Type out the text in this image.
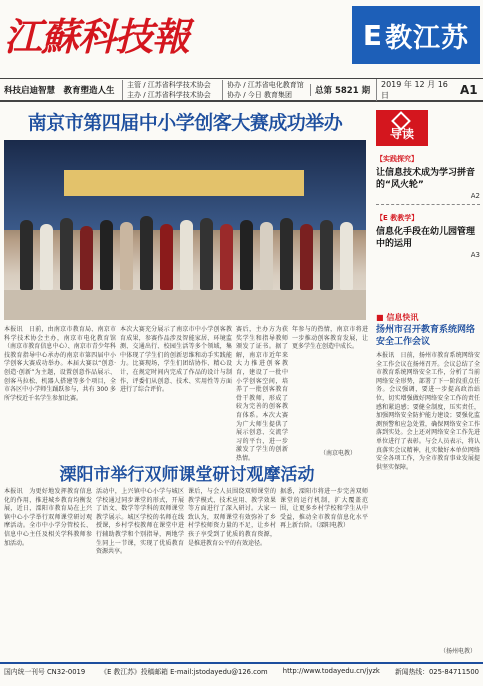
江蘇科技報	E 教江苏
科技启迪智慧　教育塑造人生
主管 / 江苏省科学技术协会
主办 / 江苏省科学技术协会
协办 / 江苏省电化教育馆
协办 / 今日 教育集团	总第 5821 期
2019 年 12 月 16 日	A1
南京市第四届中小学创客大赛成功举办
本报讯　日前，由南京市教育局、南京市科学技术协会主办，南京市电化教育馆（南京市教育信息中心）、南京市青少年科技教育指导中心承办的南京市第四届中小学创客大赛成功举办。本届大赛以“创意·创造·创新”为主题，设置创意作品展示、创客马拉松、机器人搭建等多个项目，全市各区中小学师生踊跃参与，共有 300 多所学校近千名学生参加比赛。
本次大赛充分展示了南京市中小学创客教育成果，参赛作品涉及智能家居、环境监测、交通出行、校园生活等多个领域，集中体现了学生们的创新思维和动手实践能力。比赛现场，学生们团结协作、精心设计，在规定时间内完成了作品的设计与制作，评委们从创意、技术、实用性等方面进行了综合评价。
赛后，主办方为获奖学生和指导教师颁发了证书。据了解，南京市近年来大力推进创客教育，建设了一批中小学创客空间，培养了一批创客教育骨干教师，形成了较为完善的创客教育体系。本次大赛为广大师生提供了展示创意、交流学习的平台，进一步激发了学生的创新热情。
年参与的热情，南京市将进一步推动创客教育发展，让更多学生在创造中成长。
（南京电教）
溧阳市举行双师课堂研讨观摩活动
本报讯　为更好地发挥教育信息化的作用，推进城乡教育均衡发展，近日，溧阳市教育局在上兴镇中心小学举行双师课堂研讨观摩活动。全市中小学分管校长、信息中心主任及相关学科教师参加活动。
活动中，上兴镇中心小学与城区学校通过同步课堂的形式，开展了语文、数学等学科的双师课堂教学展示。城区学校的名师在线授课，乡村学校教师在课堂中进行辅助教学和个别指导，两地学生同上一节课，实现了优质教育资源共享。
课后，与会人员围绕双师课堂的教学模式、技术应用、教学效果等方面进行了深入研讨。大家一致认为，双师课堂有效弥补了乡村学校师资力量的不足，让乡村孩子享受到了优质的教育资源，是推进教育公平的有效途径。
据悉，溧阳市将进一步完善双师课堂的运行机制，扩大覆盖范围，让更多乡村学校和学生从中受益，推动全市教育信息化水平再上新台阶。（溧阳电教）
导读
【实践探究】
让信息技术成为学习拼音的“风火轮”
A2
【E 教教学】
信息化手段在幼儿园管理中的运用
A3
■ 信息快讯
扬州市召开教育系统网络安全工作会议
本报讯　日前，扬州市教育系统网络安全工作会议在扬州召开。会议总结了全市教育系统网络安全工作，分析了当前网络安全形势，部署了下一阶段重点任务。会议强调，要进一步提高政治站位，切实增强做好网络安全工作的责任感和紧迫感；要健全制度，压实责任，加强网络安全防护能力建设；要强化监测预警和应急处置，确保网络安全工作落到实处。会上还对网络安全工作先进单位进行了表彰。与会人员表示，将认真落实会议精神，扎实做好本单位网络安全各项工作，为全市教育事业发展提供坚实保障。
（扬州电教）
国内统一刊号 CN32-0019 《E 教江苏》投稿邮箱 E-mail:jstodayedu@126.com http://www.todayedu.cn/jyzk 新闻热线：025-84711500
